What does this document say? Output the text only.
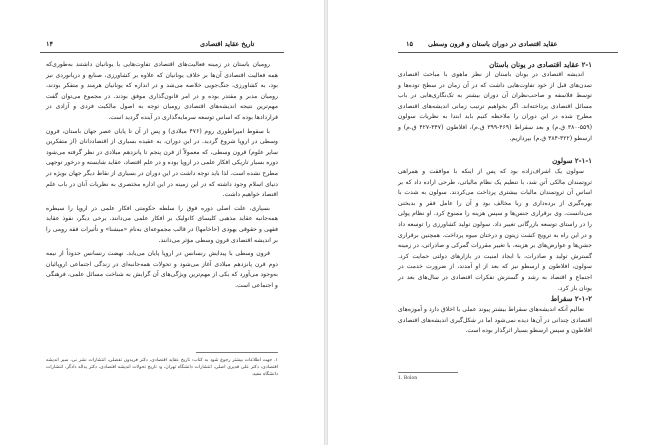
۱۴	تاریخ عقاید اقتصادی

رومیان باستان در زمینه فعالیت‌های اقتصادی تفاوت‌هایی با یونانیان داشتند به‌طوری‌که همه فعالیت اقتصادی آن‌ها بر خلاف یونانیان که علاوه بر کشاورزی، صنایع و دریانوردی نیز بود، به کشاورزی، جنگ‌جویی خلاصه می‌شد و در اندازه که یونانیان هرمند و متفکر بودند، رومیان مدبر و مقتدر بوده و در امر قانون‌گذاری موفق بودند. در مجموع می‌توان گفت مهم‌ترین نتیجه اندیشه‌های اقتصادی رومیان توجه به اصول مالکیت فردی و آزادی در قراردادها بوده که اساس توسعه سرمایه‌گذاری در آینده گردید است.

با سقوط امپراطوری روم (۴۷۶ میلادی) و پس از آن تا پایان عصر جهان باستان، قرون وسطی در اروپا شروع گردید. در این دوران، به عقیده بسیاری از اقتصاددانان (از متفکرین سایر علوم) قرون وسطی، که معمولاً از قرن پنجم تا پانزدهم میلادی در نظر گرفته می‌شود دوره بسیار تاریکی افکار علمی در اروپا بوده و در علم اقتصاد، عقاید شایسته و درخور توجهی مطرح نشده است. لذا باید توجه داشت در این دوران در بسیاری از نقاط دیگر جهان بویژه در دنیای اسلام وجود داشته که در این زمینه در این اداره مختصری به نظریات آنان در باب علم اقتصاد خواهیم داشت.

بسیاری، علت اصلی دوره فوق را سلطه حکومتی افکار علمی در اروپا را سیطره همه‌جانبه عقاید مذهبی کلیسای کاتولیک بر افکار علمی می‌دانند. برخی دیگر، نفوذ عقاید فقهی و حقوقی یهودی (حاخامها) در قالب مجموعه‌ای به‌نام «میشنا» و تأثیرات فقه رومی را بر اندیشه اقتصادی قرون وسطی مؤثر می‌دانند.

قرون وسطی با پیدایش رنسانس در اروپا پایان می‌یابد. نهضت رنسانس حدوداً از نیمه دوم قرن پانزدهم میلادی آغاز می‌شود و تحولات همه‌جانبه‌ای در زندگی اجتماعی اروپائیان به‌وجود می‌آورد که یکی از مهم‌ترین ویژگی‌های آن گرایش به شناخت مسائل علمی، فرهنگی و اجتماعی است.

۱. جهت اطلاعات بیشتر رجوع شود به کتاب: تاریخ عقاید اقتصادی، دکتر فریدون تفضلی، انتشارات نشر نی، سیر اندیشه اقتصادی، دکتر علی قدیری اصلی، انتشارات دانشگاه تهران، و: تاریخ تحولات اندیشه اقتصادی، دکتر یداله دادگر، انتشارات دانشگاه مفید.
۱۵ عقاید اقتصادی در دوران باستان و قرون وسطی
۲-۱ عقاید اقتصادی در یونان باستان

اندیشه اقتصادی در یونان باستان از نظر ماهوی با مباحث اقتصادی تمدن‌های قبل از خود تفاوت‌هایی داشت که در آن زمان در سطح توده‌ها و توسط فلاسفه و صاحب‌نظران آن دوران بیشتر به تک‌نگاری‌هایی در باب مسائل اقتصادی پرداخته‌اند. اگر بخواهیم ترتیب زمانی اندیشه‌های اقتصادی مطرح شده در این دوران را ملاحظه کنیم باید ابتدا به نظریات سولون (۵۵۹-۳۸۰ ق.م) و بعد سقراط (۴۶۹-۳۹۹ ق.م)، افلاطون (۳۴۷-۴۲۷ ق.م) و ارسطو (۳۲۲-۳۸۴ ق.م) بپردازیم.

۲-۱-۱ سولون

سولون یک اشراف‌زاده بود که پس از اینکه با موافقت و همراهی ثروتمندان مالکی آتن شد، با تنظیم یک نظام مالیاتی، طرحی اراده داد که بر اساس آن ثروتمندان مالیات بیشتری پرداخت می‌کردند. سولون به شدت با بهره‌گیری از برده‌داری و ربا مخالف بود و آن را عامل فقر و بدبختی می‌دانست. وی برقراری جنس‌ها و سپس هزینه را ممنوع کرد. او نظام پولی را در راستای توسعه بازرگانی تغییر داد. سولون تولید کشاورزی را توسعه داد و در این راه به ترویج کشت زیتون و درختان میوه پرداخت. همچنین برقراری جشن‌ها و عوارض‌های بر هزینه، با تغییر مقررات گمرکی و صادراتی، در زمینه گسترش تولید و صادرات، با ایجاد امنیت در بازارهای دولتی حمایت کرد. سولون، افلاطون و ارسطو نیز که بعد از او آمدند، از ضرورت خدمت در اجتماع و اقتصاد به رشد و گسترش تفکرات اقتصادی در سال‌های بعد در یونان باز کرد.

۲-۱-۲ سقراط

تعالیم آنکه اندیشه‌های سقراط بیشتر پیوند عملی با اخلاق دارد و آموزه‌های اقتصادی چندانی در آن‌ها دیده نمی‌شود اما در شکل‌گیری اندیشه‌های اقتصادی افلاطون و سپس ارسطو بسیار اثرگذار بوده است.

1. Bolon
